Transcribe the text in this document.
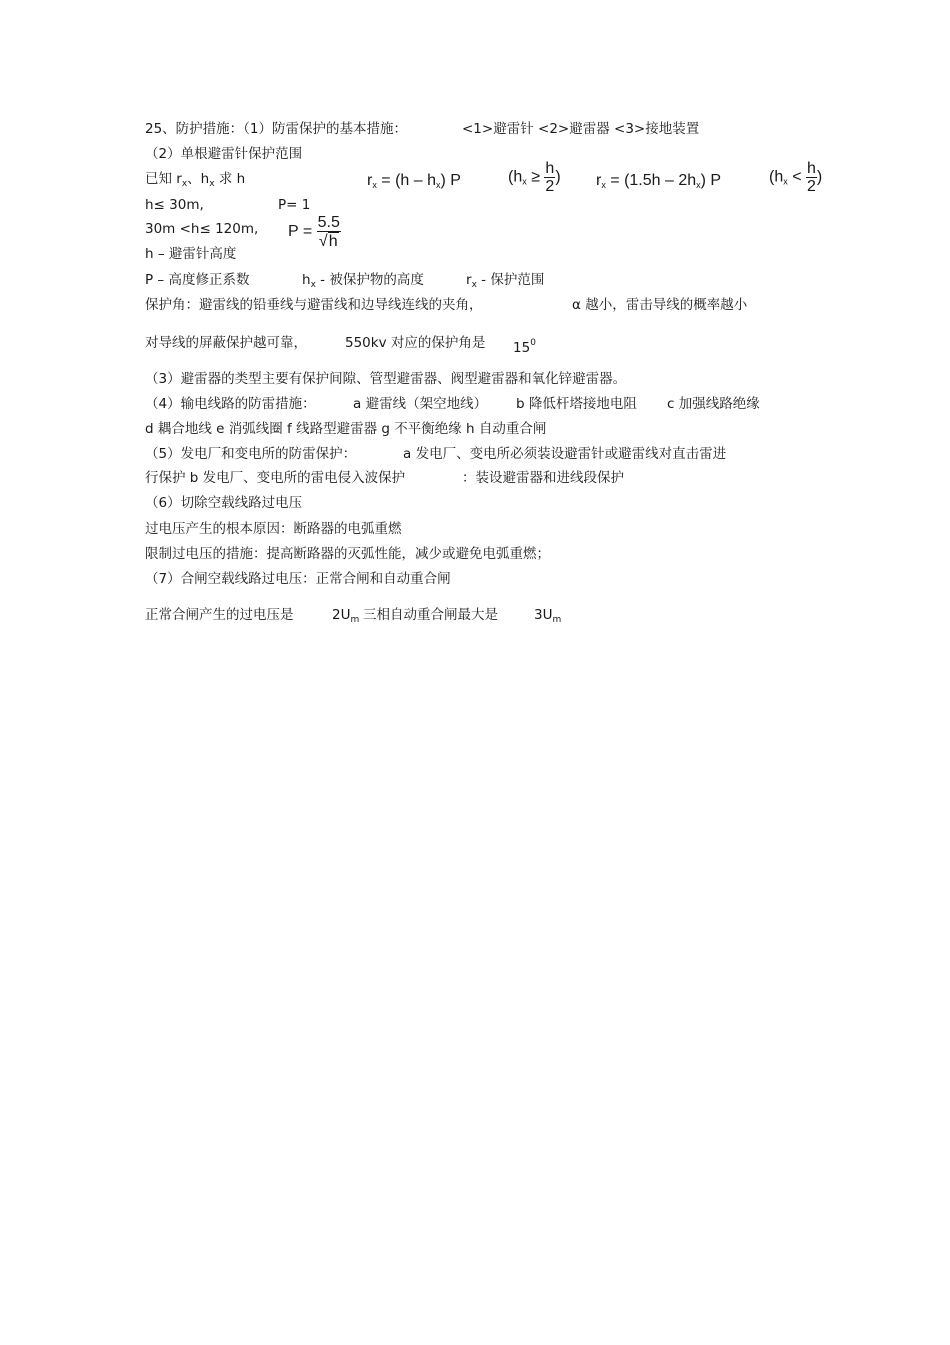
25、防护措施：（1）防雷保护的基本措施：	<1>避雷针 <2>避雷器 <3>接地装置
（2）单根避雷针保护范围
已知 $r_x$、$h_x$ 求 h	$r_x = (h - h_x)$ P	($h_x \ge \frac{h}{2}$ ) $r_x = (1.5h - 2h_x)$ P	($h_x < \frac{h}{2}$ )
h≤ 30m,	P= 1
30m <h≤ 120m, $P = \frac{5.5}{√h}$
h – 避雷针高度
P – 高度修正系数	$h_x$ - 被保护物的高度	$r_x$ - 保护范围
保护角：避雷线的铅垂线与避雷线和边导线连线的夹角，	α 越小，雷击导线的概率越小
对导线的屏蔽保护越可靠，	550kv 对应的保护角是 $15^0$
（3）避雷器的类型主要有保护间隙、管型避雷器、阀型避雷器和氧化锌避雷器。
（4）输电线路的防雷措施：	a 避雷线（架空地线） b 降低杆塔接地电阻 c 加强线路绝缘
d 耦合地线 e 消弧线圈 f 线路型避雷器 g 不平衡绝缘 h 自动重合闸
（5）发电厂和变电所的防雷保护：	a 发电厂、变电所必须装设避雷针或避雷线对直击雷进
行保护 b 发电厂、变电所的雷电侵入波保护	：装设避雷器和进线段保护
（6）切除空载线路过电压
过电压产生的根本原因：断路器的电弧重燃
限制过电压的措施：提高断路器的灭弧性能，减少或避免电弧重燃；
（7）合闸空载线路过电压：正常合闸和自动重合闸
正常合闸产生的过电压是	$2U_m$ 三相自动重合闸最大是	$3U_m$
